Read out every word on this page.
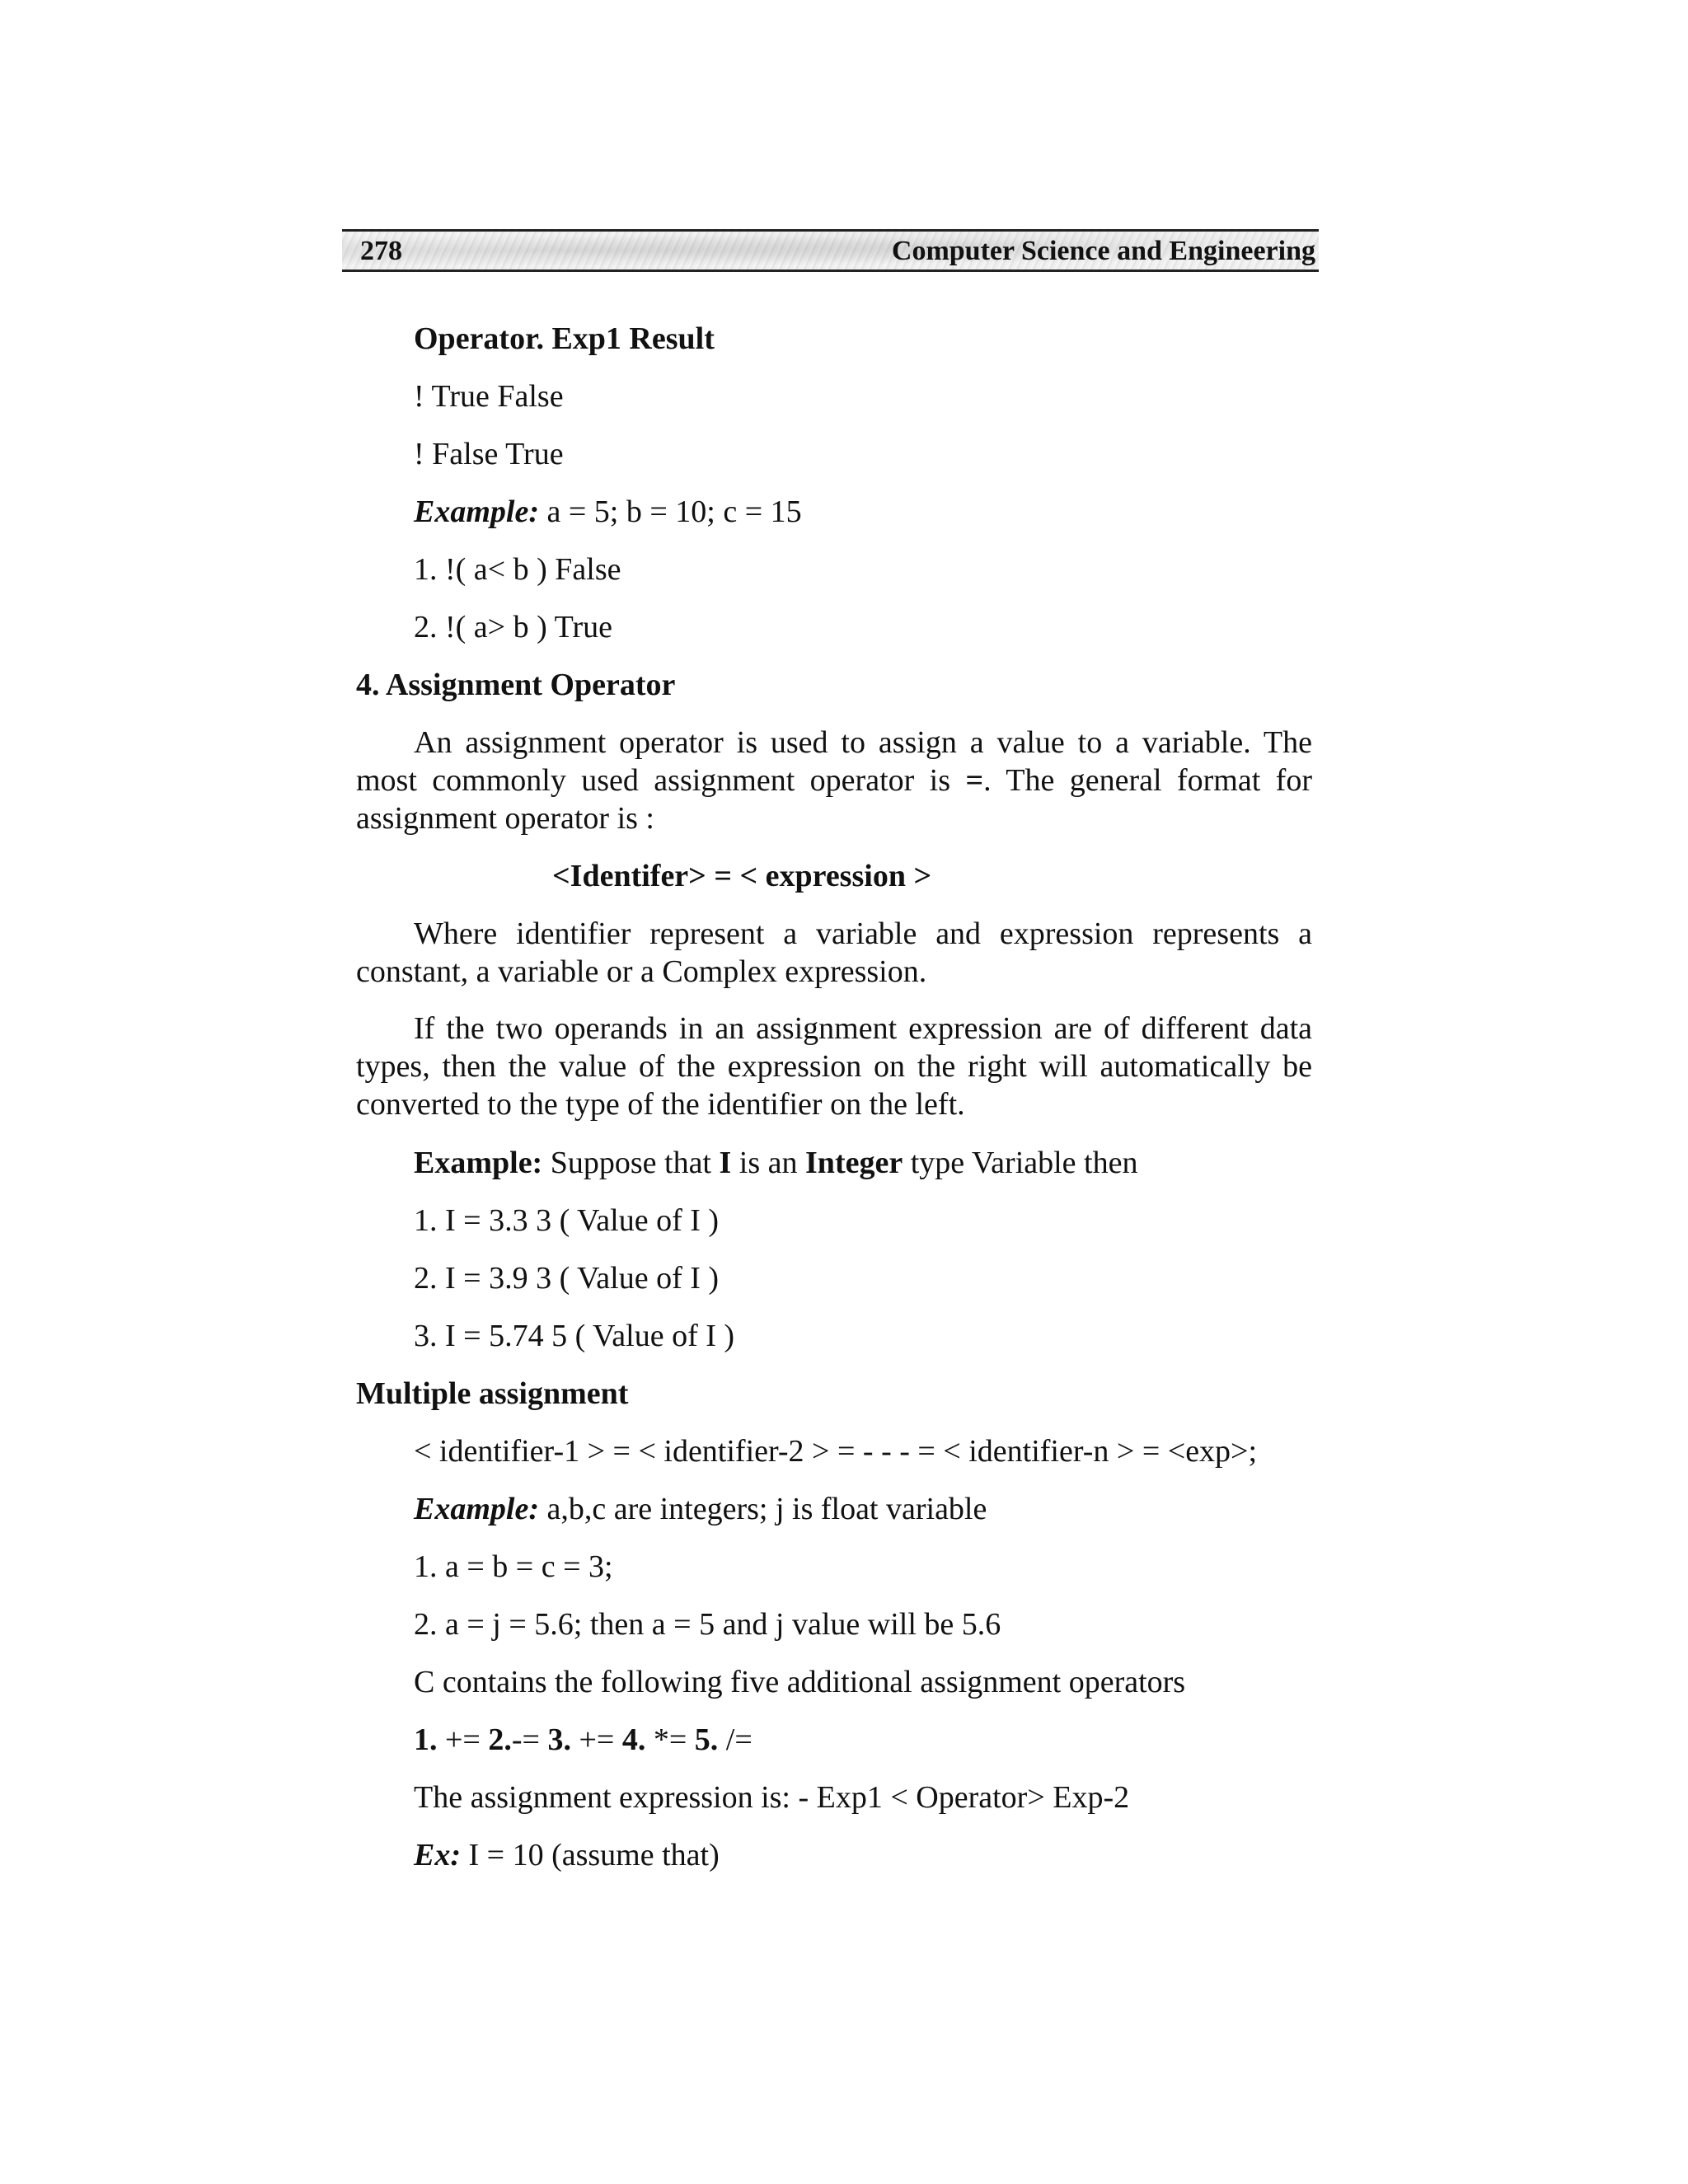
278	Computer Science and Engineering
Operator. Exp1 Result
! True False
! False True
Example: a = 5; b = 10; c = 15
1. !( a< b ) False
2. !( a> b ) True
4. Assignment Operator
An assignment operator is used to assign a value to a variable. The most commonly used assignment operator is =. The general format for assignment operator is :
<Identifer> = < expression >
Where identifier represent a variable and expression represents a constant, a variable or a Complex expression.
If the two operands in an assignment expression are of different data types, then the value of the expression on the right will automatically be converted to the type of the identifier on the left.
Example: Suppose that I is an Integer type Variable then
1. I = 3.3 3 ( Value of I )
2. I = 3.9 3 ( Value of I )
3. I = 5.74 5 ( Value of I )
Multiple assignment
< identifier-1 > = < identifier-2 > = - - - = < identifier-n > = <exp>;
Example: a,b,c are integers; j is float variable
1. a = b = c = 3;
2. a = j = 5.6; then a = 5 and j value will be 5.6
C contains the following five additional assignment operators
1. += 2.-= 3. += 4. *= 5. /=
The assignment expression is: - Exp1 < Operator> Exp-2
Ex: I = 10 (assume that)
